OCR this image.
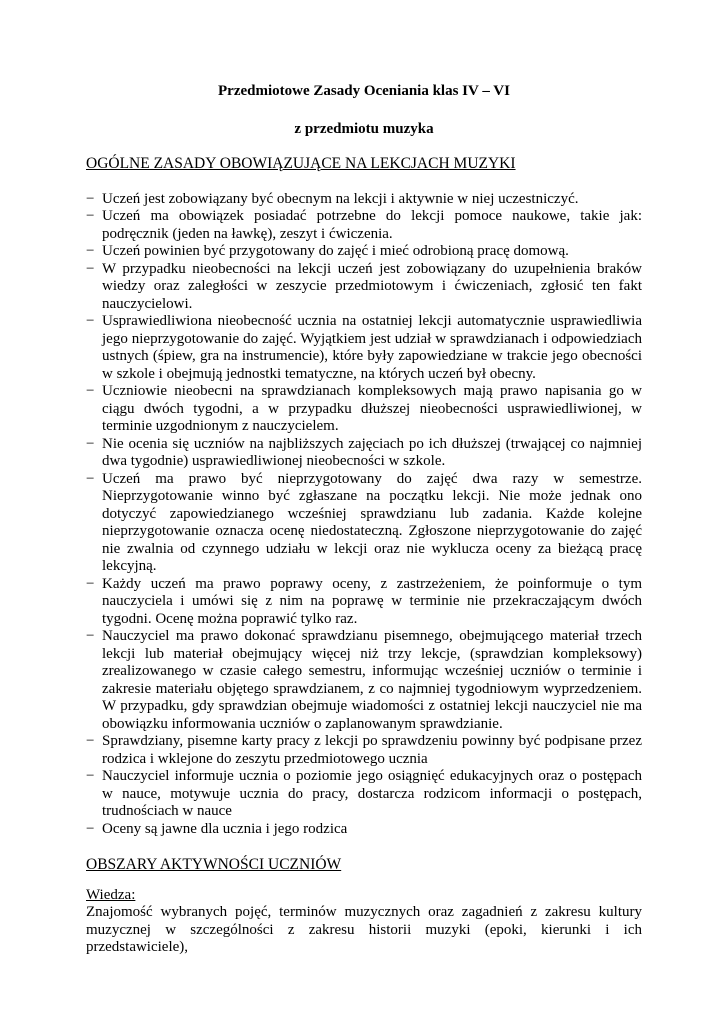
Przedmiotowe Zasady Oceniania klas IV – VI

z przedmiotu muzyka

OGÓLNE ZASADY OBOWIĄZUJĄCE NA LEKCJACH MUZYKI
− Uczeń jest zobowiązany być obecnym na lekcji i aktywnie w niej uczestniczyć.
− Uczeń ma obowiązek posiadać potrzebne do lekcji pomoce naukowe, takie jak: podręcznik (jeden na ławkę), zeszyt i ćwiczenia.
− Uczeń powinien być przygotowany do zajęć i mieć odrobioną pracę domową.
− W przypadku nieobecności na lekcji uczeń jest zobowiązany do uzupełnienia braków wiedzy oraz zaległości w zeszycie przedmiotowym i ćwiczeniach, zgłosić ten fakt nauczycielowi.
− Usprawiedliwiona nieobecność ucznia na ostatniej lekcji automatycznie usprawiedliwia jego nieprzygotowanie do zajęć. Wyjątkiem jest udział w sprawdzianach i odpowiedziach ustnych (śpiew, gra na instrumencie), które były zapowiedziane w trakcie jego obecności w szkole i obejmują jednostki tematyczne, na których uczeń był obecny.
− Uczniowie nieobecni na sprawdzianach kompleksowych mają prawo napisania go w ciągu dwóch tygodni, a w przypadku dłuższej nieobecności usprawiedliwionej, w terminie uzgodnionym z nauczycielem.
− Nie ocenia się uczniów na najbliższych zajęciach po ich dłuższej (trwającej co najmniej dwa tygodnie) usprawiedliwionej nieobecności w szkole.
− Uczeń ma prawo być nieprzygotowany do zajęć dwa razy w semestrze. Nieprzygotowanie winno być zgłaszane na początku lekcji. Nie może jednak ono dotyczyć zapowiedzianego wcześniej sprawdzianu lub zadania. Każde kolejne nieprzygotowanie oznacza ocenę niedostateczną. Zgłoszone nieprzygotowanie do zajęć nie zwalnia od czynnego udziału w lekcji oraz nie wyklucza oceny za bieżącą pracę lekcyjną.
− Każdy uczeń ma prawo poprawy oceny, z zastrzeżeniem, że poinformuje o tym nauczyciela i umówi się z nim na poprawę w terminie nie przekraczającym dwóch tygodni. Ocenę można poprawić tylko raz.
− Nauczyciel ma prawo dokonać sprawdzianu pisemnego, obejmującego materiał trzech lekcji lub materiał obejmujący więcej niż trzy lekcje, (sprawdzian kompleksowy) zrealizowanego w czasie całego semestru, informując wcześniej uczniów o terminie i zakresie materiału objętego sprawdzianem, z co najmniej tygodniowym wyprzedzeniem. W przypadku, gdy sprawdzian obejmuje wiadomości z ostatniej lekcji nauczyciel nie ma obowiązku informowania uczniów o zaplanowanym sprawdzianie.
− Sprawdziany, pisemne karty pracy z lekcji po sprawdzeniu powinny być podpisane przez rodzica i wklejone do zeszytu przedmiotowego ucznia
− Nauczyciel informuje ucznia o poziomie jego osiągnięć edukacyjnych oraz o postępach w nauce, motywuje ucznia do pracy, dostarcza rodzicom informacji o postępach, trudnościach w nauce
− Oceny są jawne dla ucznia i jego rodzica
OBSZARY AKTYWNOŚCI UCZNIÓW
Wiedza:

Znajomość wybranych pojęć, terminów muzycznych oraz zagadnień z zakresu kultury muzycznej w szczególności z zakresu historii muzyki (epoki, kierunki i ich przedstawiciele),
